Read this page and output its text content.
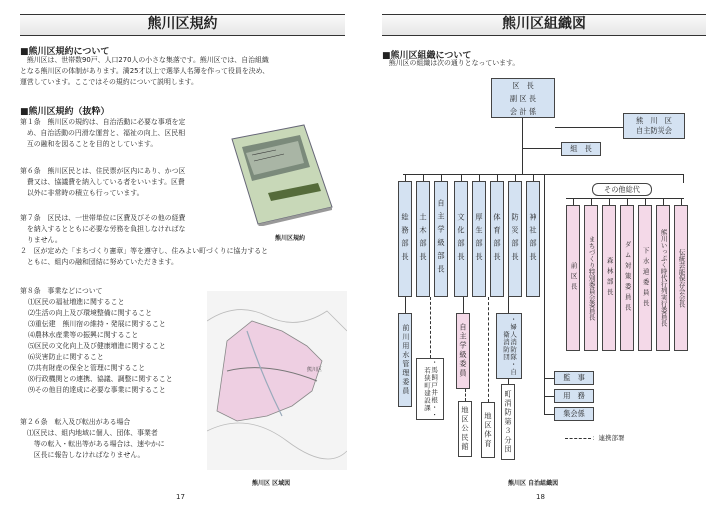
熊川区規約
■熊川区規約について
　熊川区は、世帯数90戸、人口270人の小さな集落です。熊川区では、自治組織
となる熊川区の体制があります。満25才以上で選挙人名簿を作って役員を決め、
運営しています。ここではその規約について説明します。
■熊川区規約（抜粋）
第１条　熊川区の規約は、自治活動に必要な事項を定
　め、自治活動の円滑な運営と、福祉の向上、区民相
　互の融和を図ることを目的としています。
第６条　熊川区民とは、住民票が区内にあり、かつ区
　費又は、協議費を納入している者をいいます。区費
　以外に非常時の積立も行っています。
第７条　区民は、一世帯単位に区費及びその他の経費
　を納入するとともに必要な労務を負担しなければな
　りません。
２　区が定めた「まちづくり憲章」等を遵守し、住みよい町づくりに協力すると
　ともに、組内の融和団結に努めていただきます。
第８条　事業などについて
⑴区民の福祉増進に関すること
⑵生活の向上及び環境整備に関すること
⑶重伝建　熊川宿の維持・発展に関すること
⑷農林水産業等の振興に関すること
⑸区民の文化向上及び健康増進に関すること
⑹災害防止に関すること
⑺共有財産の保全と管理に関すること
⑻行政機関との連携、協議、調整に関すること
⑼その他目的達成に必要な事業に関すること
第２６条　転入及び転出がある場合
　⑴区民は、組内地域に個人、団体、事業者
　　等の転入・転出等がある場合は、速やかに
　　区長に報告しなければなりません。
熊川区規約
熊川区
熊川区 区域図
17
熊川区組織図
■熊川区組織について
　熊川区の組織は次の通りとなっています。
区　長
副 区 長
会 計 係
熊　川　区
自主防災会
組　長
その他総代
総務部長	土木部長	自主学級部長	文化部長	厚生部長	体育部長	防災部長	神社部長
前区長	まちづくり特別委員会委員長	森林部長	ダム対策委員長	下水道委員長	熊川いっぷく時代行列実行委員長	伝統芸能保存会会長
前川用水管理委員	・馬飼戸井根・・若狭町建設課
自主学級委員
地区公民館	地区体育
・婦人消防隊・自衛消防団
町消防第３分団
監　事
用　務
集会係
：連携部署
熊川区 自治組織図
18
